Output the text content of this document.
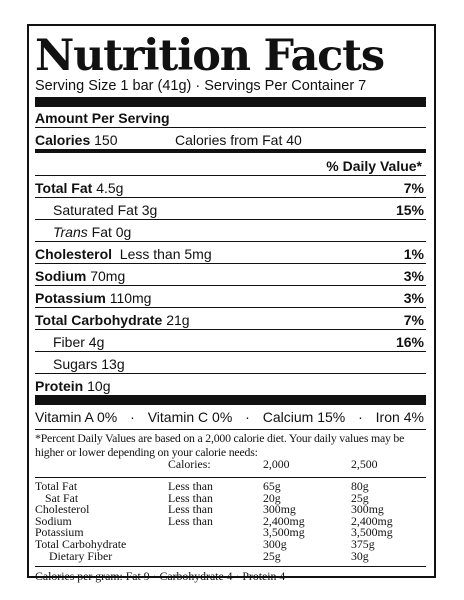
Nutrition Facts
Serving Size 1 bar (41g) · Servings Per Container 7
Amount Per Serving
Calories 150	Calories from Fat 40
% Daily Value*
Total Fat 4.5g	7%
Saturated Fat 3g	15%
Trans Fat 0g
Cholesterol Less than 5mg	1%
Sodium 70mg	3%
Potassium 110mg	3%
Total Carbohydrate 21g	7%
Fiber 4g	16%
Sugars 13g
Protein 10g
Vitamin A 0% · Vitamin C 0% · Calcium 15% · Iron 4%
*Percent Daily Values are based on a 2,000 calorie diet. Your daily values may be higher or lower depending on your calorie needs:
	Calories:	2,000	2,500

Total Fat	Less than	65g	80g
Sat Fat	Less than	20g	25g
Cholesterol	Less than	300mg	300mg
Sodium	Less than	2,400mg	2,400mg
Potassium		3,500mg	3,500mg
Total Carbohydrate		300g	375g
Dietary Fiber		25g	30g
Calories per gram: Fat 9 · Carbohydrate 4 · Protein 4
